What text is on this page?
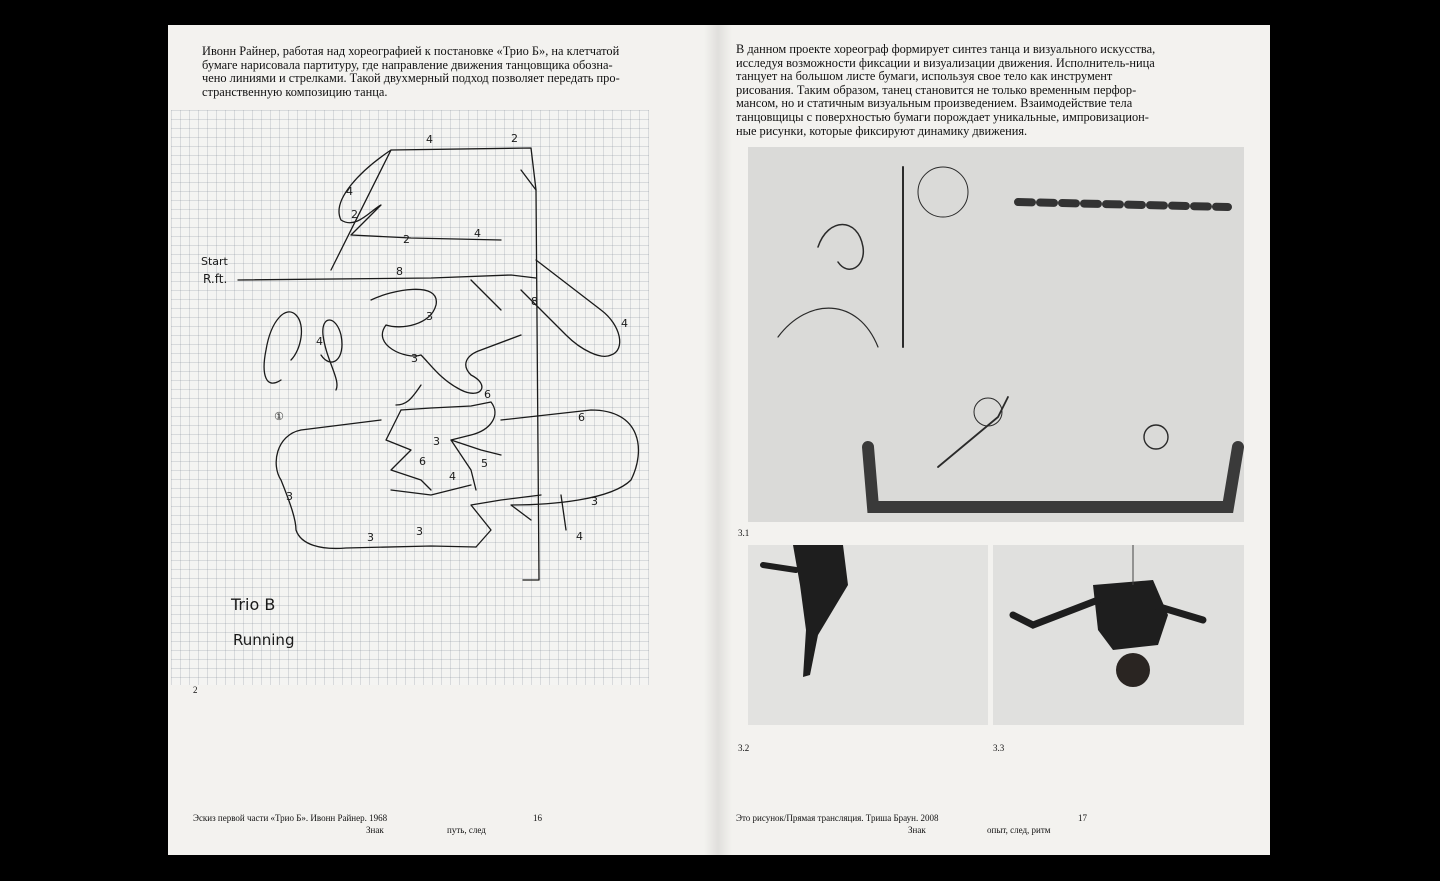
Ивонн Райнер, работая над хореографией к постановке «Трио Б», на клетчатой бумаге нарисовала партитуру, где направление движения танцовщика обозна-чено линиями и стрелками. Такой двухмерный подход позволяет передать про-странственную композицию танца.

4	2
4
2
2	4
8
8
4
4
3
3
6
①
3
6
6	5
3
3	3
4
4
3
Start
R.ft.
Trio B
Running
2
Эскиз первой части «Трио Б». Ивонн Райнер. 1968	16
Знак	путь, след

В данном проекте хореограф формирует синтез танца и визуального искусства, исследуя возможности фиксации и визуализации движения. Исполнитель-ница танцует на большом листе бумаги, используя свое тело как инструмент рисования. Таким образом, танец становится не только временным перфор-мансом, но и статичным визуальным произведением. Взаимодействие тела танцовщицы с поверхностью бумаги порождает уникальные, импровизацион-ные рисунки, которые фиксируют динамику движения.

3.1
3.2	3.3
Это рисунок/Прямая трансляция. Триша Браун. 2008	17
Знак	опыт, след, ритм
